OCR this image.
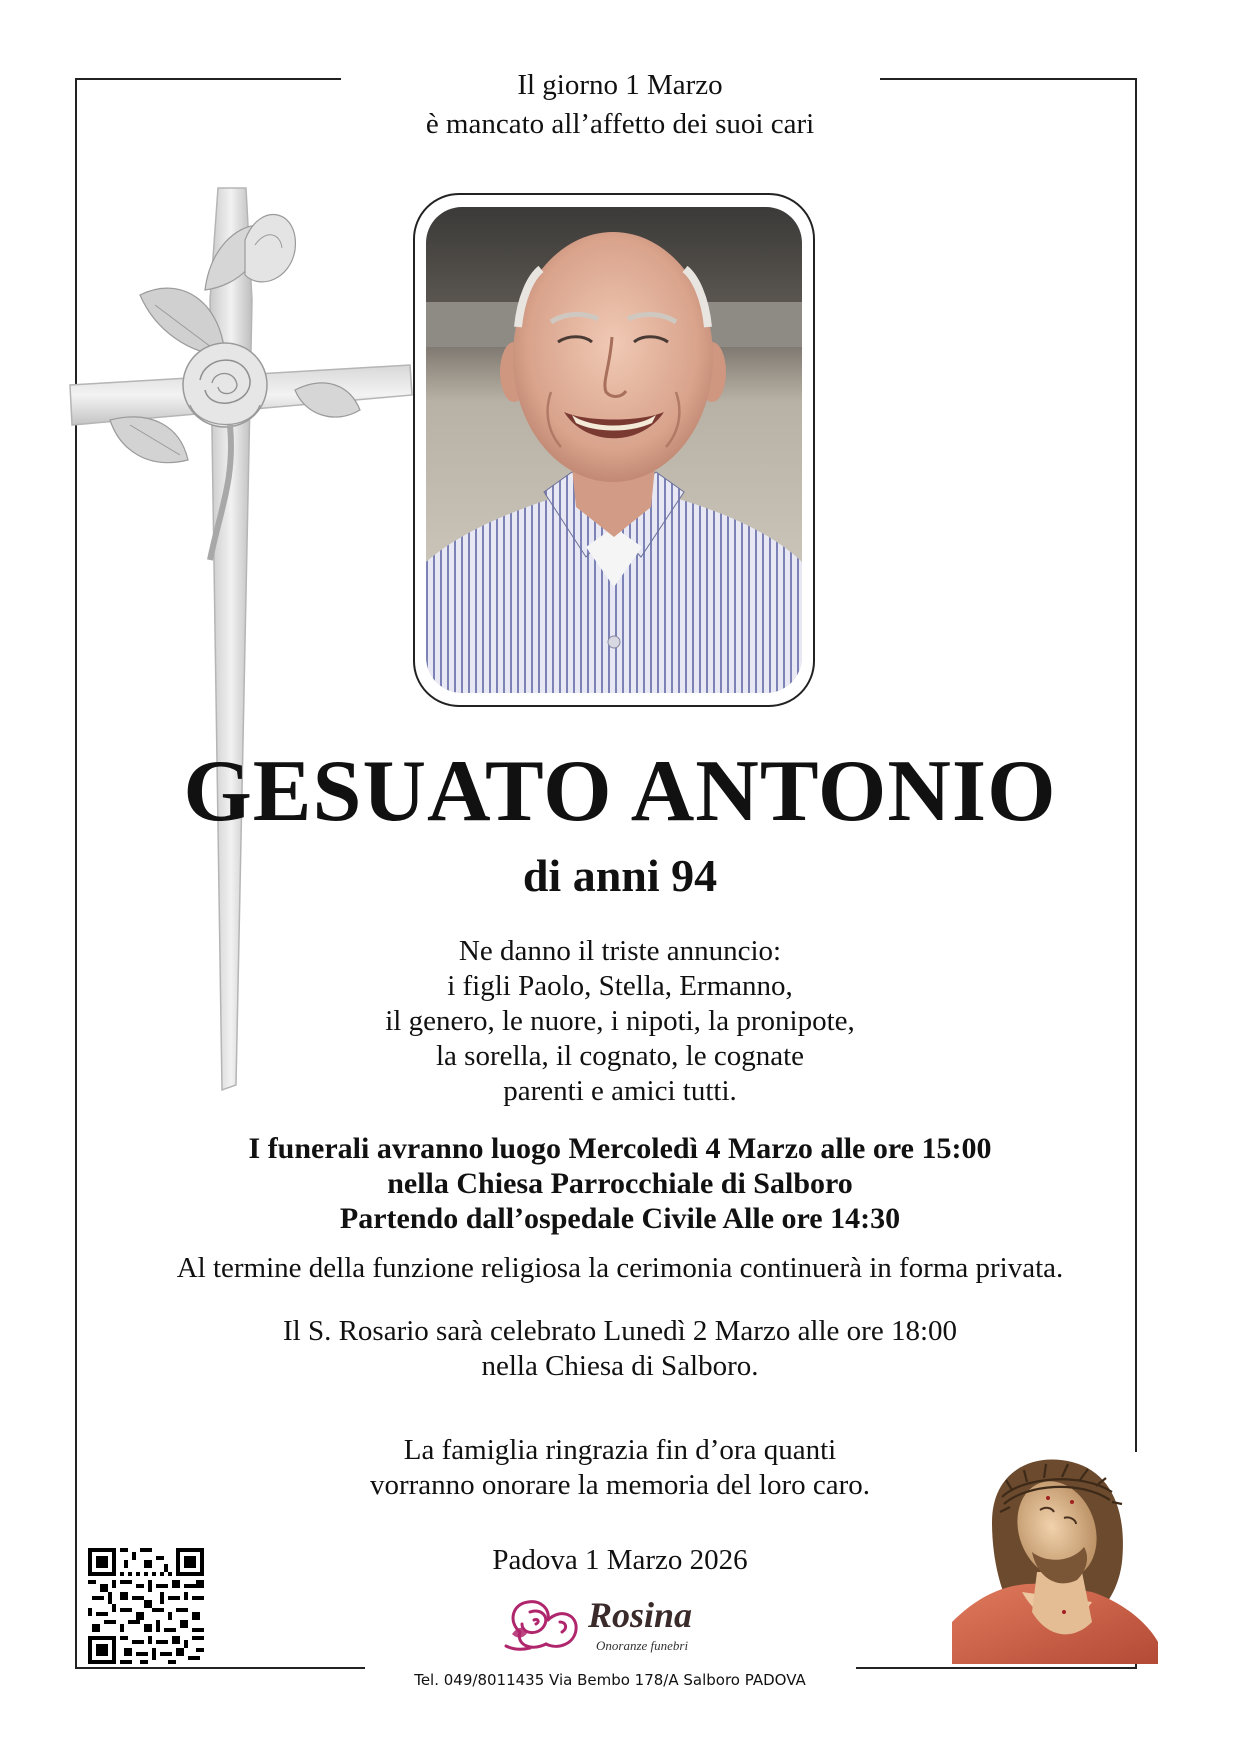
Il giorno 1 Marzo
è mancato all’affetto dei suoi cari
GESUATO ANTONIO
di anni 94
Ne danno il triste annuncio:
i figli Paolo, Stella, Ermanno,
il genero, le nuore, i nipoti, la pronipote,
la sorella, il cognato, le cognate
parenti e amici tutti.
I funerali avranno luogo Mercoledì 4 Marzo alle ore 15:00
nella Chiesa Parrocchiale di Salboro
Partendo dall’ospedale Civile Alle ore 14:30
Al termine della funzione religiosa la cerimonia continuerà in forma privata.
Il S. Rosario sarà celebrato Lunedì 2 Marzo alle ore 18:00
nella Chiesa di Salboro.
La famiglia ringrazia fin d’ora quanti
vorranno onorare la memoria del loro caro.
Padova 1 Marzo 2026
Rosina
Onoranze funebri
Tel. 049/8011435 Via Bembo 178/A Salboro PADOVA
